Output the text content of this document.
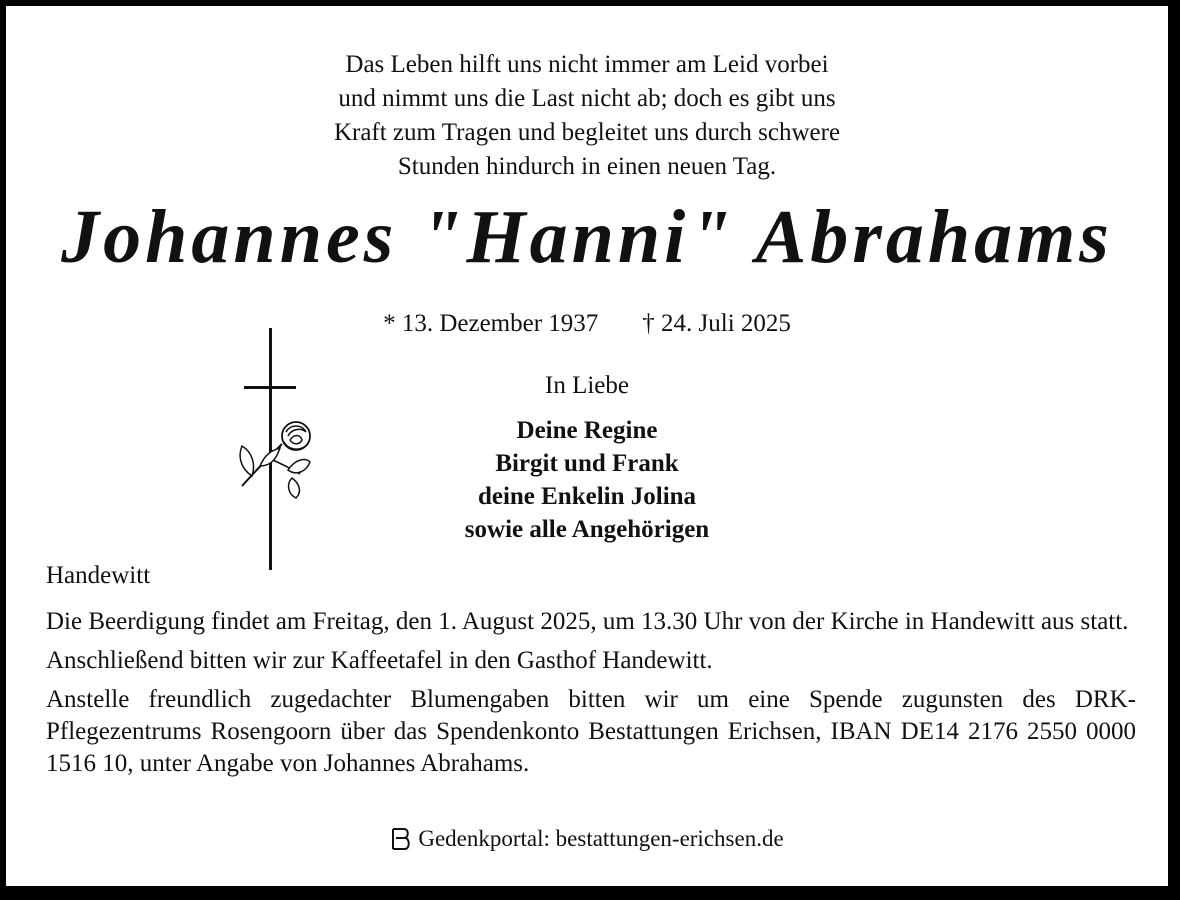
Das Leben hilft uns nicht immer am Leid vorbei
und nimmt uns die Last nicht ab; doch es gibt uns
Kraft zum Tragen und begleitet uns durch schwere
Stunden hindurch in einen neuen Tag.
Johannes "Hanni" Abrahams
* 13. Dezember 1937 † 24. Juli 2025
In Liebe
Deine Regine
Birgit und Frank
deine Enkelin Jolina
sowie alle Angehörigen
Handewitt

Die Beerdigung findet am Freitag, den 1. August 2025, um 13.30 Uhr von der Kirche in Handewitt aus statt.

Anschließend bitten wir zur Kaffeetafel in den Gasthof Handewitt.

Anstelle freundlich zugedachter Blumengaben bitten wir um eine Spende zugunsten des DRK-Pflegezentrums Rosengoorn über das Spendenkonto Bestattungen Erichsen, IBAN DE14 2176 2550 0000 1516 10, unter Angabe von Johannes Abrahams.

Gedenkportal: bestattungen-erichsen.de
